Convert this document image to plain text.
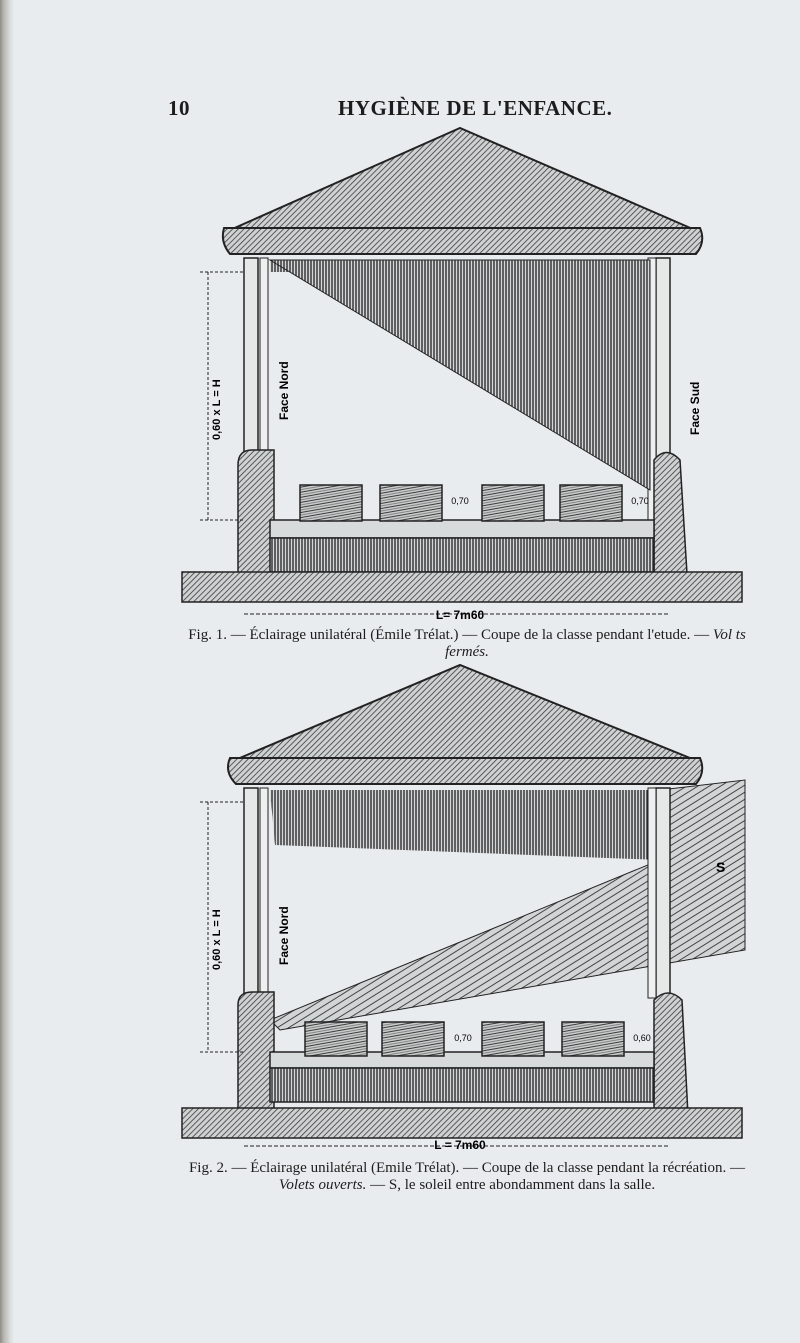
10	HYGIÈNE DE L'ENFANCE.
0,70	0,70
Face Nord	Face Sud
0,60 x L = H
L= 7m60
Fig. 1. — Éclairage unilatéral (Émile Trélat.) — Coupe de la classe pendant l'etude. — Vol ts fermés.
0,70	0,60
Face Nord
S
0,60 x L = H
L = 7m60
Fig. 2. — Éclairage unilatéral (Emile Trélat). — Coupe de la classe pendant la récréation. — Volets ouverts. — S, le soleil entre abondamment dans la salle.
